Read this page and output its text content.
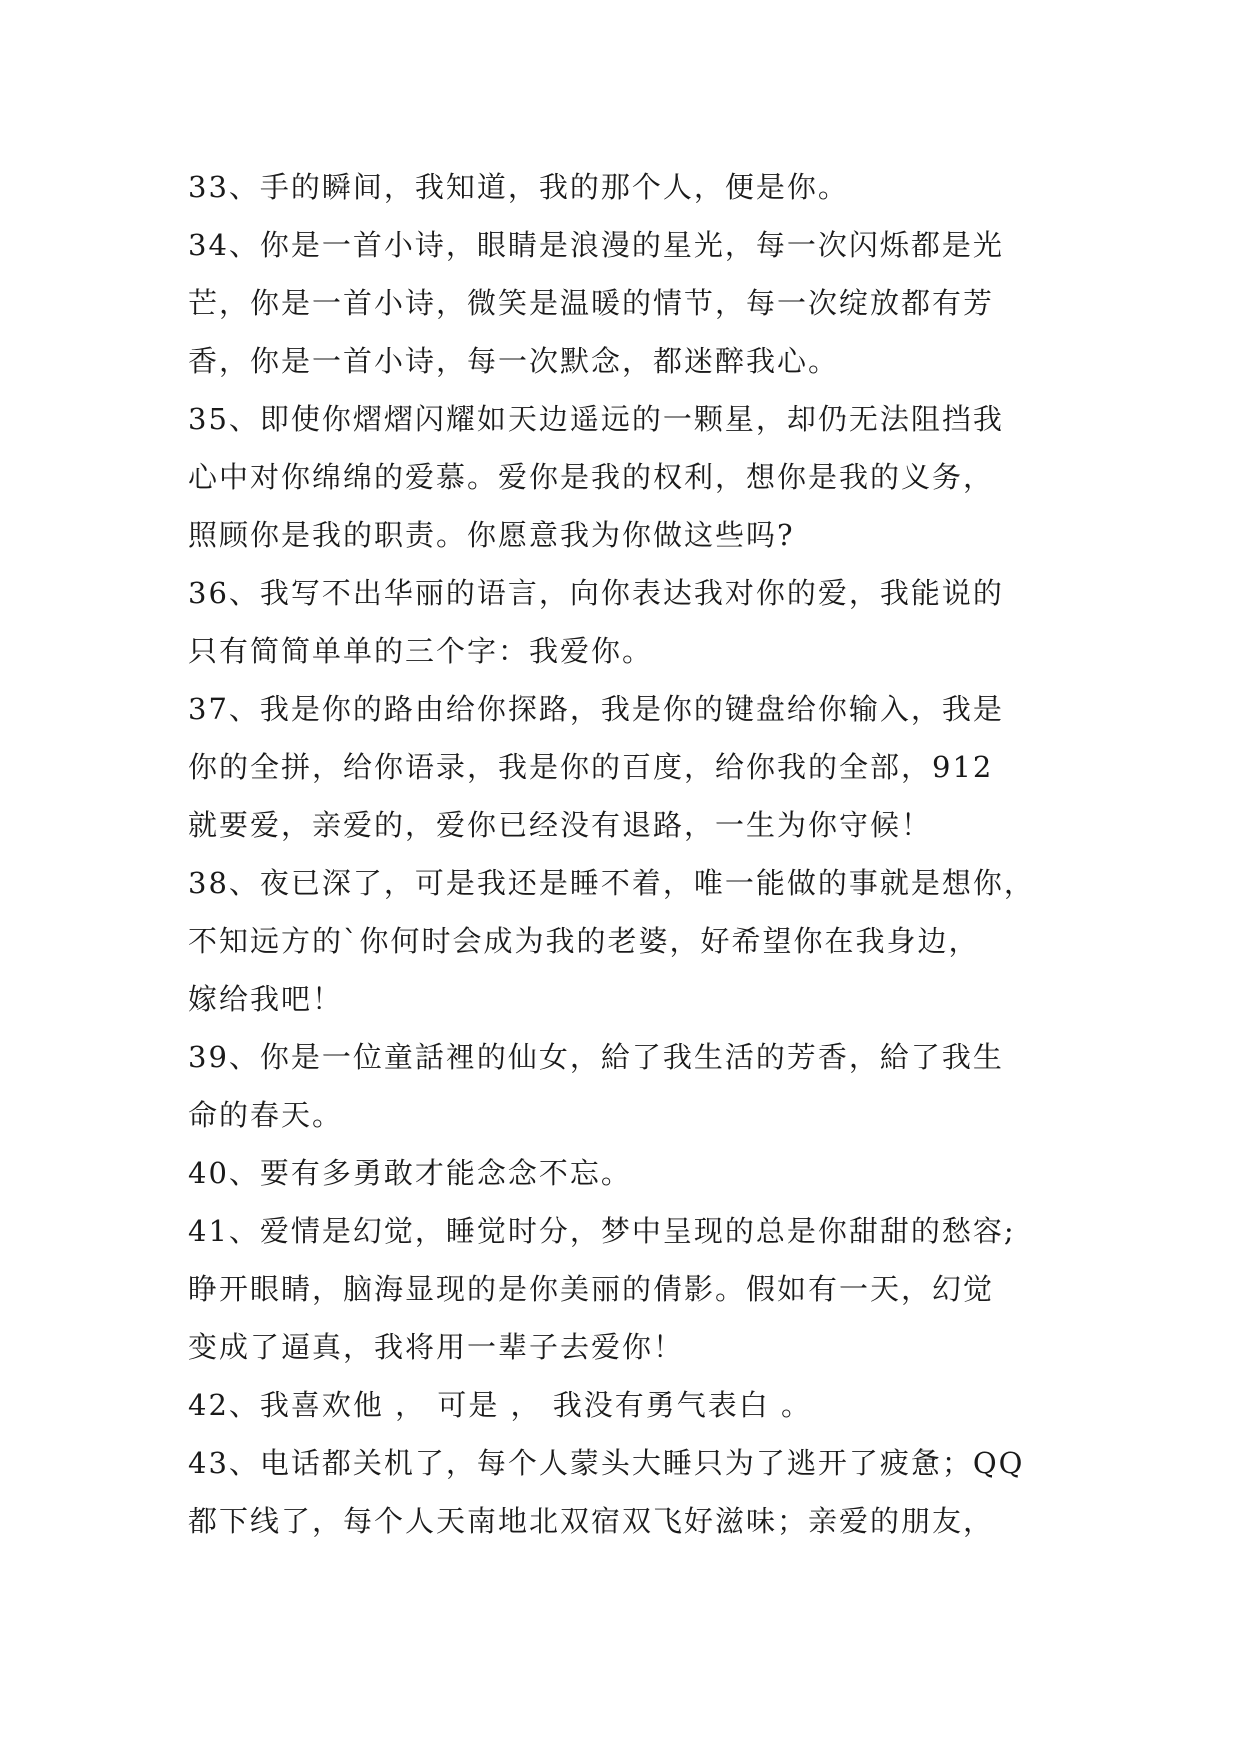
33、手的瞬间，我知道，我的那个人，便是你。
34、你是一首小诗，眼睛是浪漫的星光，每一次闪烁都是光
芒，你是一首小诗，微笑是温暖的情节，每一次绽放都有芳
香，你是一首小诗，每一次默念，都迷醉我心。
35、即使你熠熠闪耀如天边遥远的一颗星，却仍无法阻挡我
心中对你绵绵的爱慕。爱你是我的权利，想你是我的义务，
照顾你是我的职责。你愿意我为你做这些吗?
36、我写不出华丽的语言，向你表达我对你的爱，我能说的
只有简简单单的三个字：我爱你。
37、我是你的路由给你探路，我是你的键盘给你输入，我是
你的全拼，给你语录，我是你的百度，给你我的全部，912
就要爱，亲爱的，爱你已经没有退路，一生为你守候！
38、夜已深了，可是我还是睡不着，唯一能做的事就是想你，
不知远方的`你何时会成为我的老婆，好希望你在我身边，
嫁给我吧！
39、你是一位童話裡的仙女，給了我生活的芳香，給了我生
命的春天。
40、要有多勇敢才能念念不忘。
41、爱情是幻觉，睡觉时分，梦中呈现的总是你甜甜的愁容;
睁开眼睛，脑海显现的是你美丽的倩影。假如有一天，幻觉
变成了逼真，我将用一辈子去爱你！
42、我喜欢他 ， 可是 ， 我没有勇气表白 。
43、电话都关机了，每个人蒙头大睡只为了逃开了疲惫；QQ
都下线了，每个人天南地北双宿双飞好滋味；亲爱的朋友，
